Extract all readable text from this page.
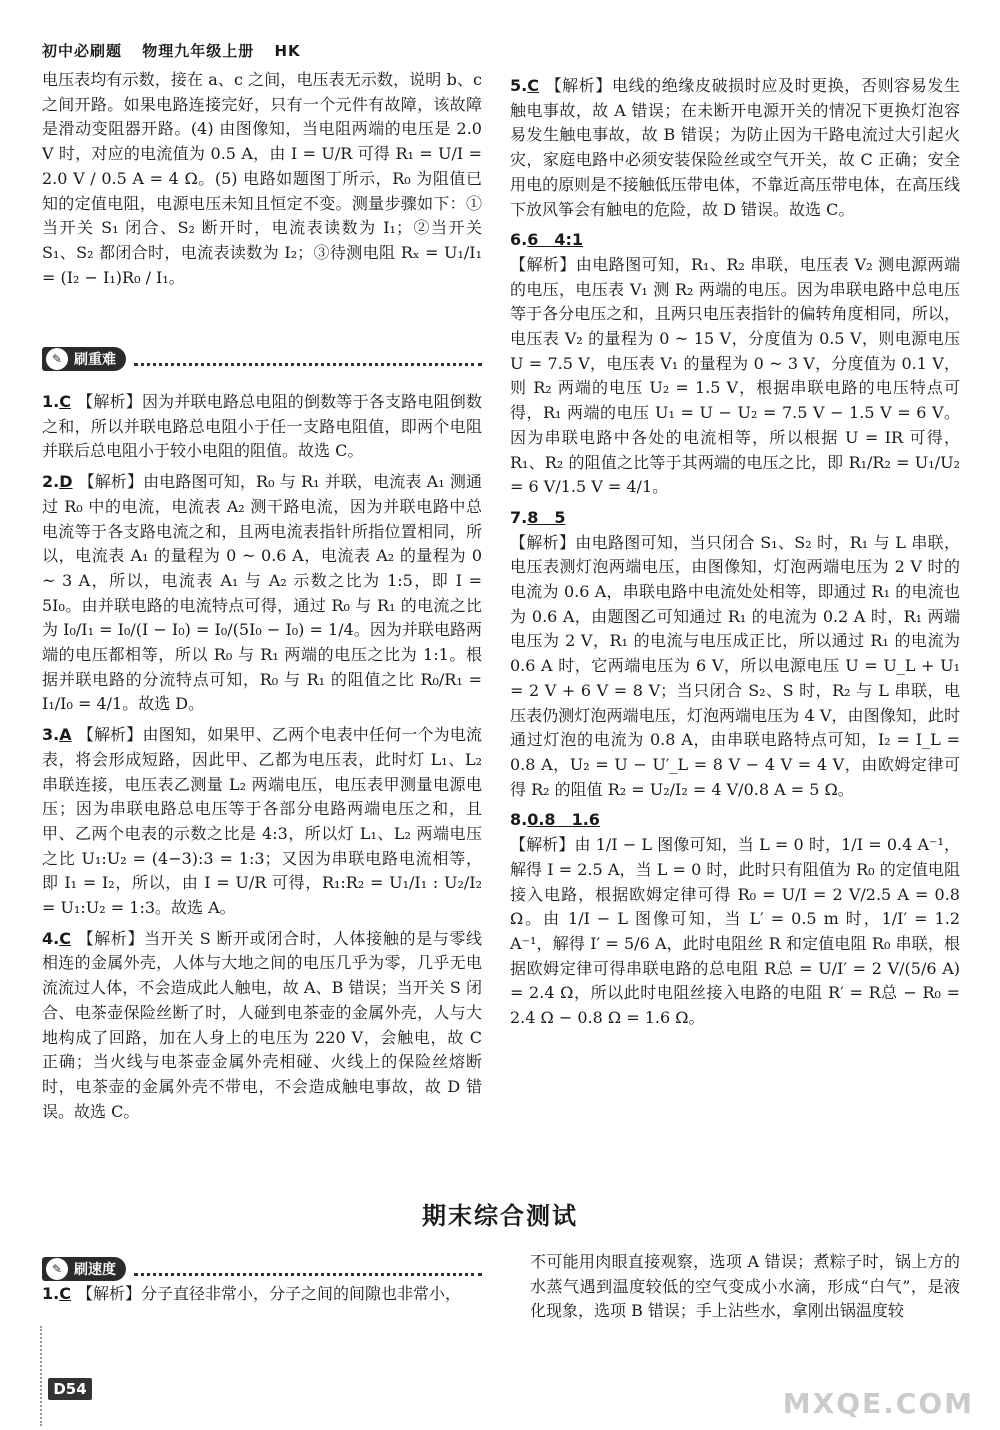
初中必刷题 物理九年级上册 HK

电压表均有示数，接在 a、c 之间，电压表无示数，说明 b、c 之间开路。如果电路连接完好，只有一个元件有故障，该故障是滑动变阻器开路。(4) 由图像知，当电阻两端的电压是 2.0 V 时，对应的电流值为 0.5 A，由 I = U/R 可得 R₁ = U/I = 2.0 V / 0.5 A = 4 Ω。(5) 电路如题图丁所示，R₀ 为阻值已知的定值电阻，电源电压未知且恒定不变。测量步骤如下：①当开关 S₁ 闭合、S₂ 断开时，电流表读数为 I₁；②当开关 S₁、S₂ 都闭合时，电流表读数为 I₂；③待测电阻 Rₓ = U₁/I₁ = (I₂ − I₁)R₀ / I₁。

✎ 刷重难

1.C 【解析】因为并联电路总电阻的倒数等于各支路电阻倒数之和，所以并联电路总电阻小于任一支路电阻值，即两个电阻并联后总电阻小于较小电阻的阻值。故选 C。

2.D 【解析】由电路图可知，R₀ 与 R₁ 并联，电流表 A₁ 测通过 R₀ 中的电流，电流表 A₂ 测干路电流，因为并联电路中总电流等于各支路电流之和，且两电流表指针所指位置相同，所以，电流表 A₁ 的量程为 0 ~ 0.6 A，电流表 A₂ 的量程为 0 ~ 3 A，所以，电流表 A₁ 与 A₂ 示数之比为 1:5，即 I = 5I₀。由并联电路的电流特点可得，通过 R₀ 与 R₁ 的电流之比为 I₀/I₁ = I₀/(I − I₀) = I₀/(5I₀ − I₀) = 1/4。因为并联电路两端的电压都相等，所以 R₀ 与 R₁ 两端的电压之比为 1:1。根据并联电路的分流特点可知，R₀ 与 R₁ 的阻值之比 R₀/R₁ = I₁/I₀ = 4/1。故选 D。

3.A 【解析】由图知，如果甲、乙两个电表中任何一个为电流表，将会形成短路，因此甲、乙都为电压表，此时灯 L₁、L₂ 串联连接，电压表乙测量 L₂ 两端电压，电压表甲测量电源电压；因为串联电路总电压等于各部分电路两端电压之和，且甲、乙两个电表的示数之比是 4:3，所以灯 L₁、L₂ 两端电压之比 U₁:U₂ = (4−3):3 = 1:3；又因为串联电路电流相等，即 I₁ = I₂，所以，由 I = U/R 可得，R₁:R₂ = U₁/I₁ : U₂/I₂ = U₁:U₂ = 1:3。故选 A。

4.C 【解析】当开关 S 断开或闭合时，人体接触的是与零线相连的金属外壳，人体与大地之间的电压几乎为零，几乎无电流流过人体，不会造成此人触电，故 A、B 错误；当开关 S 闭合、电茶壶保险丝断了时，人碰到电茶壶的金属外壳，人与大地构成了回路，加在人身上的电压为 220 V，会触电，故 C 正确；当火线与电茶壶金属外壳相碰、火线上的保险丝熔断时，电茶壶的金属外壳不带电，不会造成触电事故，故 D 错误。故选 C。

5.C 【解析】电线的绝缘皮破损时应及时更换，否则容易发生触电事故，故 A 错误；在未断开电源开关的情况下更换灯泡容易发生触电事故，故 B 错误；为防止因为干路电流过大引起火灾，家庭电路中必须安装保险丝或空气开关，故 C 正确；安全用电的原则是不接触低压带电体，不靠近高压带电体，在高压线下放风筝会有触电的危险，故 D 错误。故选 C。

6.6　4:1
【解析】由电路图可知，R₁、R₂ 串联，电压表 V₂ 测电源两端的电压，电压表 V₁ 测 R₂ 两端的电压。因为串联电路中总电压等于各分电压之和，且两只电压表指针的偏转角度相同，所以，电压表 V₂ 的量程为 0 ~ 15 V，分度值为 0.5 V，则电源电压 U = 7.5 V，电压表 V₁ 的量程为 0 ~ 3 V，分度值为 0.1 V，则 R₂ 两端的电压 U₂ = 1.5 V，根据串联电路的电压特点可得，R₁ 两端的电压 U₁ = U − U₂ = 7.5 V − 1.5 V = 6 V。因为串联电路中各处的电流相等，所以根据 U = IR 可得，R₁、R₂ 的阻值之比等于其两端的电压之比，即 R₁/R₂ = U₁/U₂ = 6 V/1.5 V = 4/1。

7.8　5
【解析】由电路图可知，当只闭合 S₁、S₂ 时，R₁ 与 L 串联，电压表测灯泡两端电压，由图像知，灯泡两端电压为 2 V 时的电流为 0.6 A，串联电路中电流处处相等，即通过 R₁ 的电流也为 0.6 A，由题图乙可知通过 R₁ 的电流为 0.2 A 时，R₁ 两端电压为 2 V，R₁ 的电流与电压成正比，所以通过 R₁ 的电流为 0.6 A 时，它两端电压为 6 V，所以电源电压 U = U_L + U₁ = 2 V + 6 V = 8 V；当只闭合 S₂、S 时，R₂ 与 L 串联，电压表仍测灯泡两端电压，灯泡两端电压为 4 V，由图像知，此时通过灯泡的电流为 0.8 A，由串联电路特点可知，I₂ = I_L = 0.8 A，U₂ = U − U′_L = 8 V − 4 V = 4 V，由欧姆定律可得 R₂ 的阻值 R₂ = U₂/I₂ = 4 V/0.8 A = 5 Ω。

8.0.8　1.6
【解析】由 1/I − L 图像可知，当 L = 0 时，1/I = 0.4 A⁻¹，解得 I = 2.5 A，当 L = 0 时，此时只有阻值为 R₀ 的定值电阻接入电路，根据欧姆定律可得 R₀ = U/I = 2 V/2.5 A = 0.8 Ω。由 1/I − L 图像可知，当 L′ = 0.5 m 时，1/I′ = 1.2 A⁻¹，解得 I′ = 5/6 A，此时电阻丝 R 和定值电阻 R₀ 串联，根据欧姆定律可得串联电路的总电阻 R总 = U/I′ = 2 V/(5/6 A) = 2.4 Ω，所以此时电阻丝接入电路的电阻 R′ = R总 − R₀ = 2.4 Ω − 0.8 Ω = 1.6 Ω。

期末综合测试
✎ 刷速度

1.C 【解析】分子直径非常小，分子之间的间隙也非常小，

不可能用肉眼直接观察，选项 A 错误；煮粽子时，锅上方的水蒸气遇到温度较低的空气变成小水滴，形成“白气”，是液化现象，选项 B 错误；手上沾些水，拿刚出锅温度较

D54	MXQE.COM
